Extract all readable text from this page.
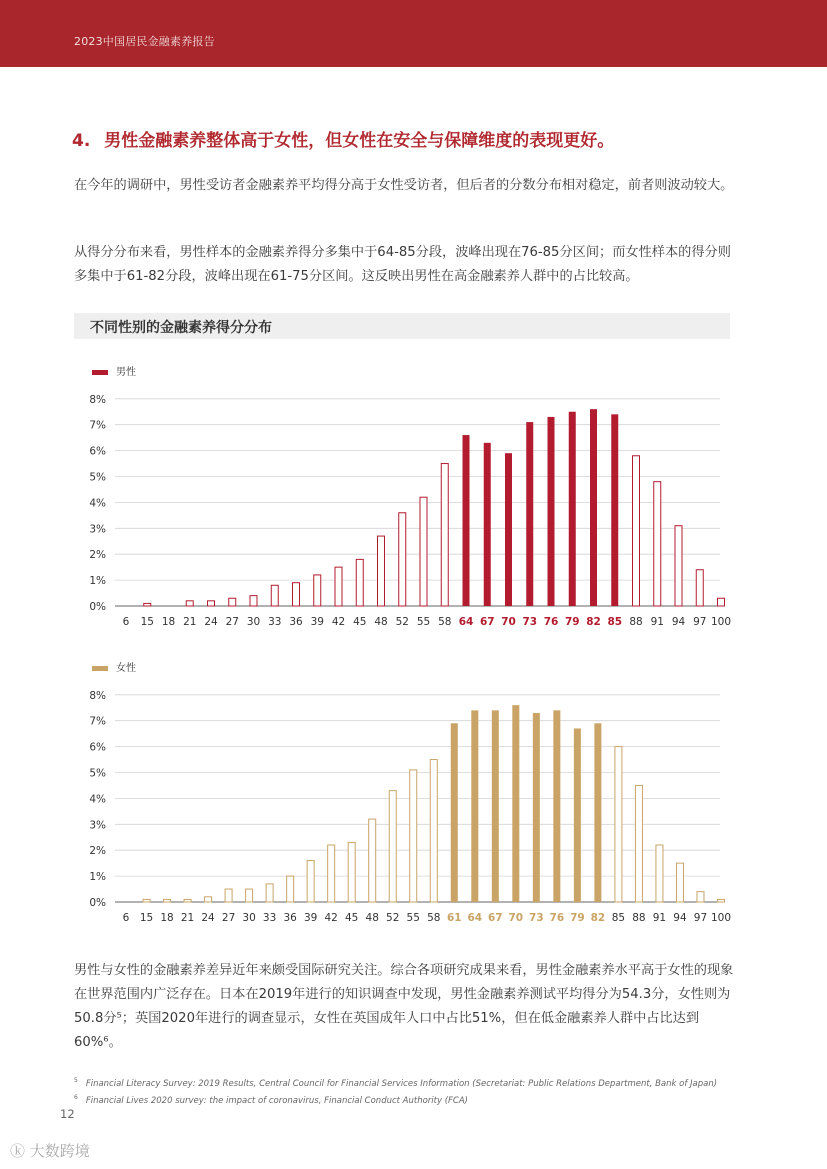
2023中国居民金融素养报告
4. 男性金融素养整体高于女性，但女性在安全与保障维度的表现更好。

在今年的调研中，男性受访者金融素养平均得分高于女性受访者，但后者的分数分布相对稳定，前者则波动较大。

从得分分布来看，男性样本的金融素养得分多集中于64-85分段，波峰出现在76-85分区间；而女性样本的得分则多集中于61-82分段，波峰出现在61-75分区间。这反映出男性在高金融素养人群中的占比较高。

不同性别的金融素养得分分布
男性
0%
1%
2%
3%
4%
5%
6%
7%
8%
6 15 18 21 24 27 30 33 36 39 42 45 48 52 55 58 64 67 70 73 76 79 82 85 88 91 94 97 100
女性
0%
1%
2%
3%
4%
5%
6%
7%
8%
6 15 18 21 24 27 30 33 36 39 42 45 48 52 55 58 61 64 67 70 73 76 79 82 85 88 91 94 97 100

男性与女性的金融素养差异近年来颇受国际研究关注。综合各项研究成果来看，男性金融素养水平高于女性的现象在世界范围内广泛存在。日本在2019年进行的知识调查中发现，男性金融素养测试平均得分为54.3分，女性则为50.8分⁵；英国2020年进行的调查显示，女性在英国成年人口中占比51%，但在低金融素养人群中占比达到60%⁶。

$^5$ Financial Literacy Survey: 2019 Results, Central Council for Financial Services Information (Secretariat: Public Relations Department, Bank of Japan)
$^6$ Financial Lives 2020 survey: the impact of coronavirus, Financial Conduct Authority (FCA)
12
ⓚ 大数跨境
